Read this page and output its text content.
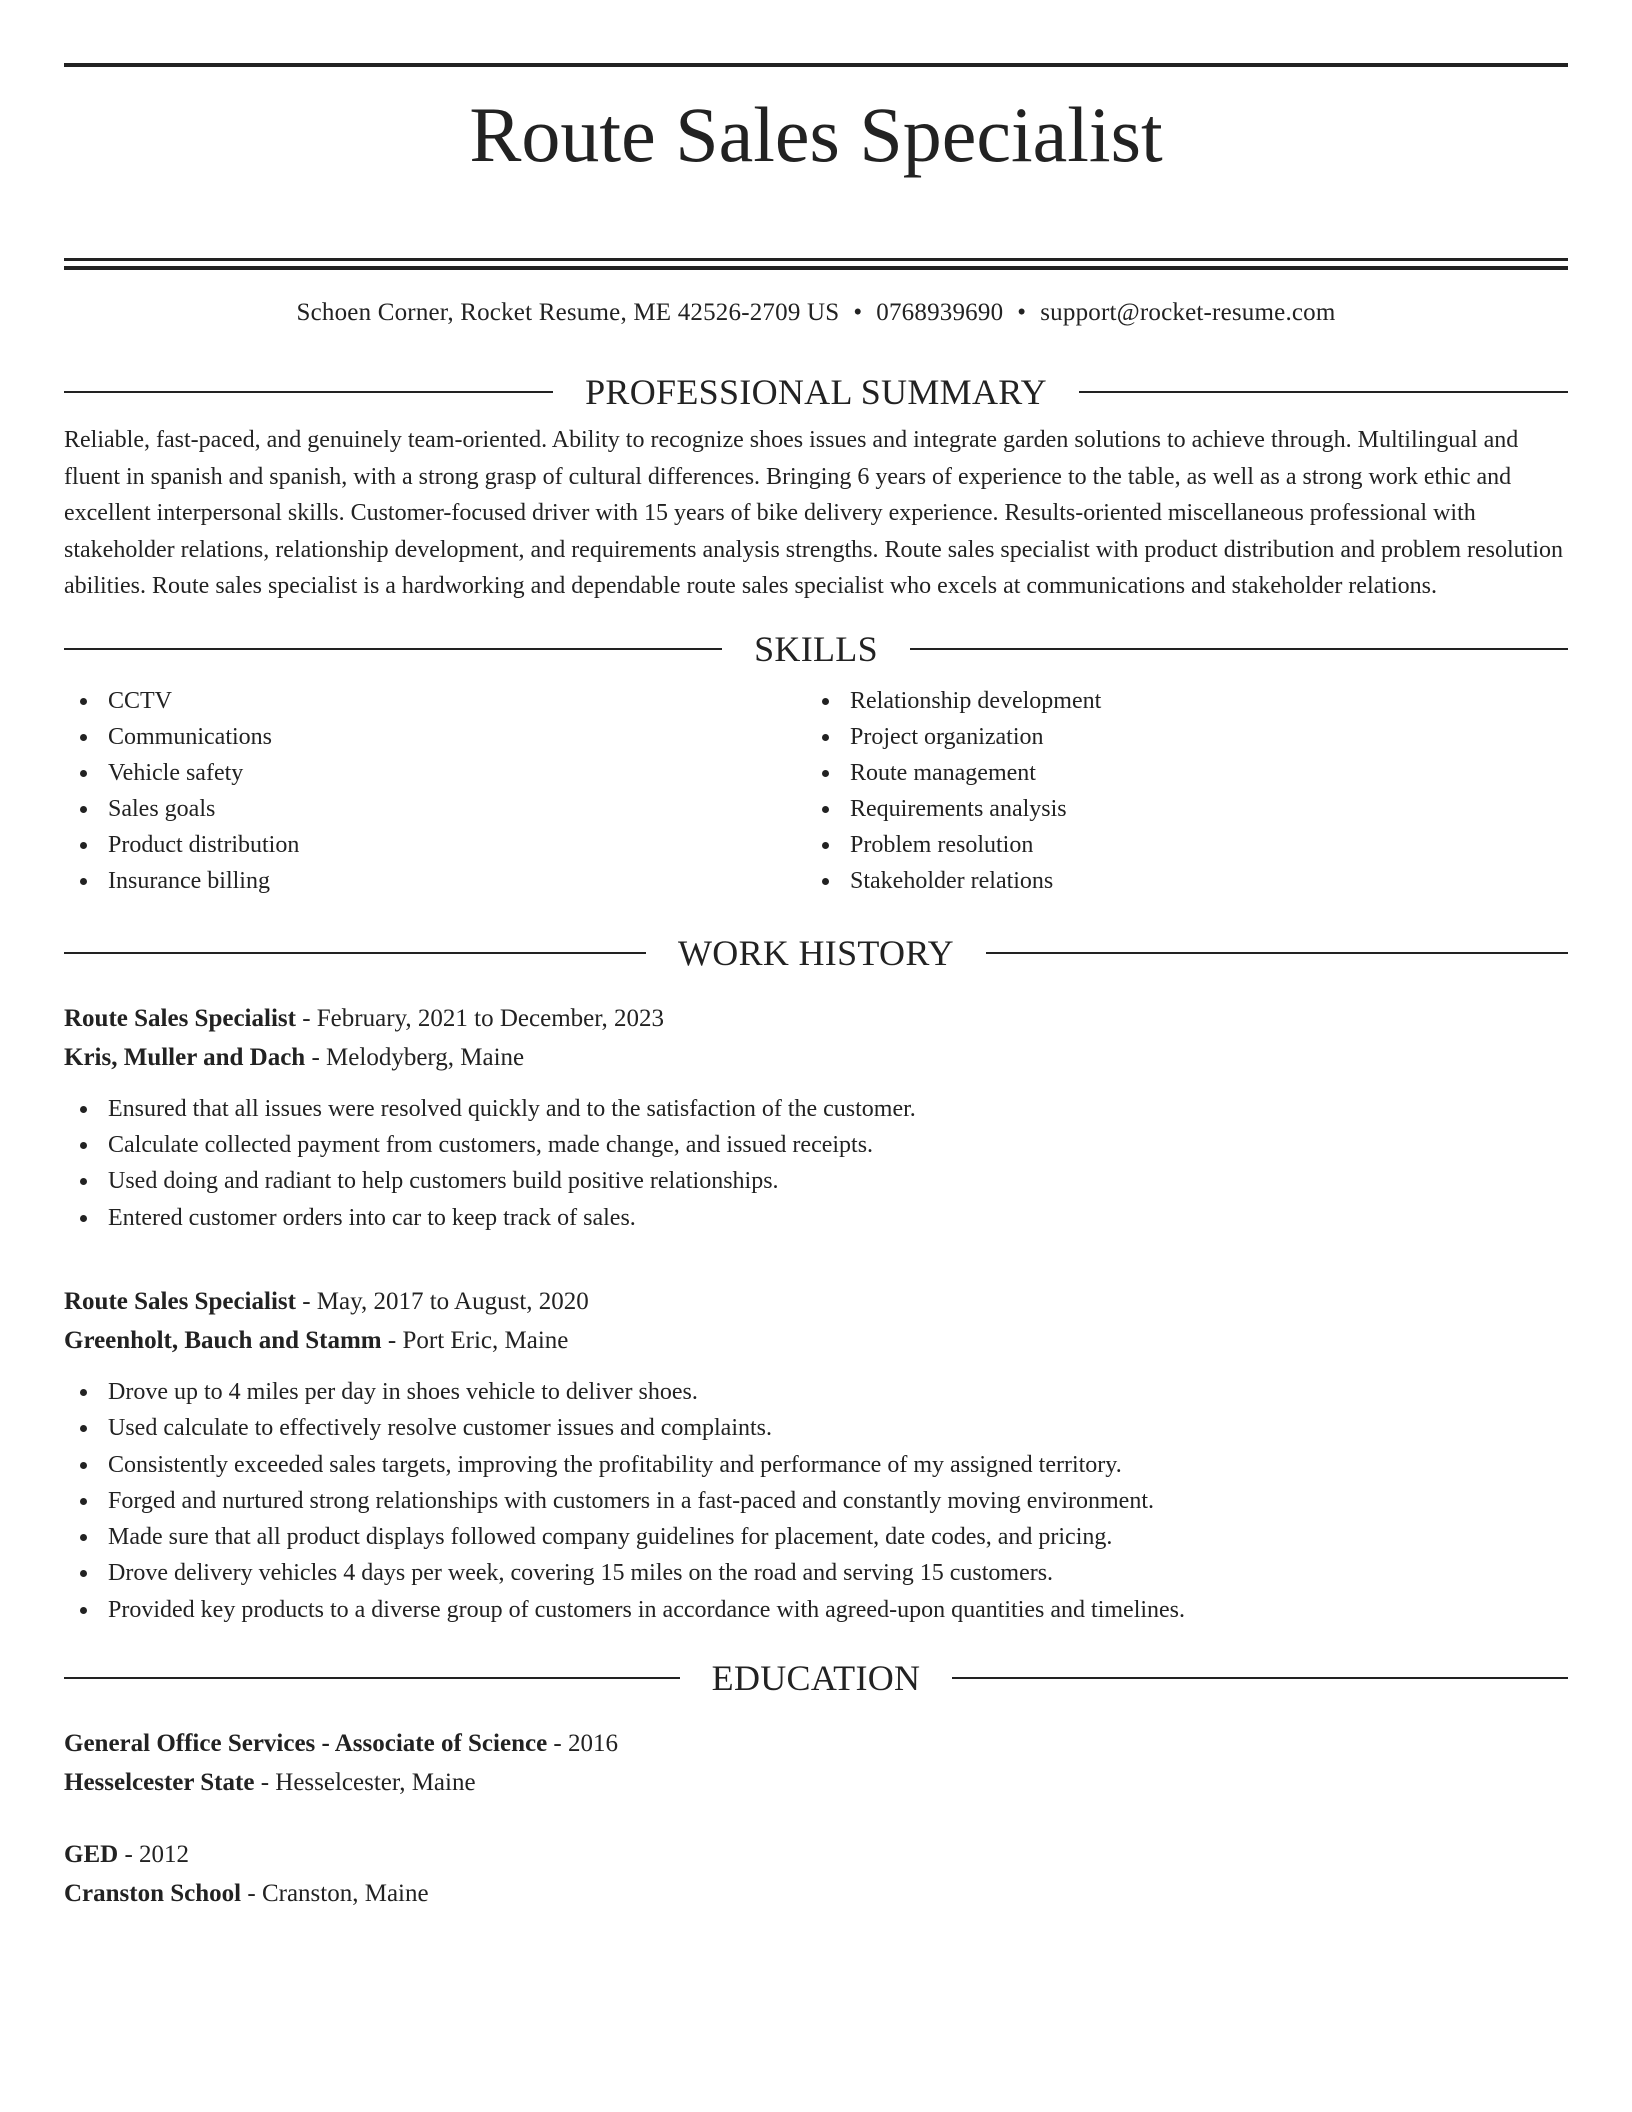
Route Sales Specialist
Schoen Corner, Rocket Resume, ME 42526-2709 US • 0768939690 • support@rocket-resume.com
PROFESSIONAL SUMMARY

Reliable, fast-paced, and genuinely team-oriented. Ability to recognize shoes issues and integrate garden solutions to achieve through. Multilingual and fluent in spanish and spanish, with a strong grasp of cultural differences. Bringing 6 years of experience to the table, as well as a strong work ethic and excellent interpersonal skills. Customer-focused driver with 15 years of bike delivery experience. Results-oriented miscellaneous professional with stakeholder relations, relationship development, and requirements analysis strengths. Route sales specialist with product distribution and problem resolution abilities. Route sales specialist is a hardworking and dependable route sales specialist who excels at communications and stakeholder relations.

SKILLS
CCTV
Communications
Vehicle safety
Sales goals
Product distribution
Insurance billing
Relationship development
Project organization
Route management
Requirements analysis
Problem resolution
Stakeholder relations
WORK HISTORY
Route Sales Specialist - February, 2021 to December, 2023
Kris, Muller and Dach - Melodyberg, Maine
Ensured that all issues were resolved quickly and to the satisfaction of the customer.
Calculate collected payment from customers, made change, and issued receipts.
Used doing and radiant to help customers build positive relationships.
Entered customer orders into car to keep track of sales.
Route Sales Specialist - May, 2017 to August, 2020
Greenholt, Bauch and Stamm - Port Eric, Maine
Drove up to 4 miles per day in shoes vehicle to deliver shoes.
Used calculate to effectively resolve customer issues and complaints.
Consistently exceeded sales targets, improving the profitability and performance of my assigned territory.
Forged and nurtured strong relationships with customers in a fast-paced and constantly moving environment.
Made sure that all product displays followed company guidelines for placement, date codes, and pricing.
Drove delivery vehicles 4 days per week, covering 15 miles on the road and serving 15 customers.
Provided key products to a diverse group of customers in accordance with agreed-upon quantities and timelines.
EDUCATION
General Office Services - Associate of Science - 2016
Hesselcester State - Hesselcester, Maine
GED - 2012
Cranston School - Cranston, Maine
